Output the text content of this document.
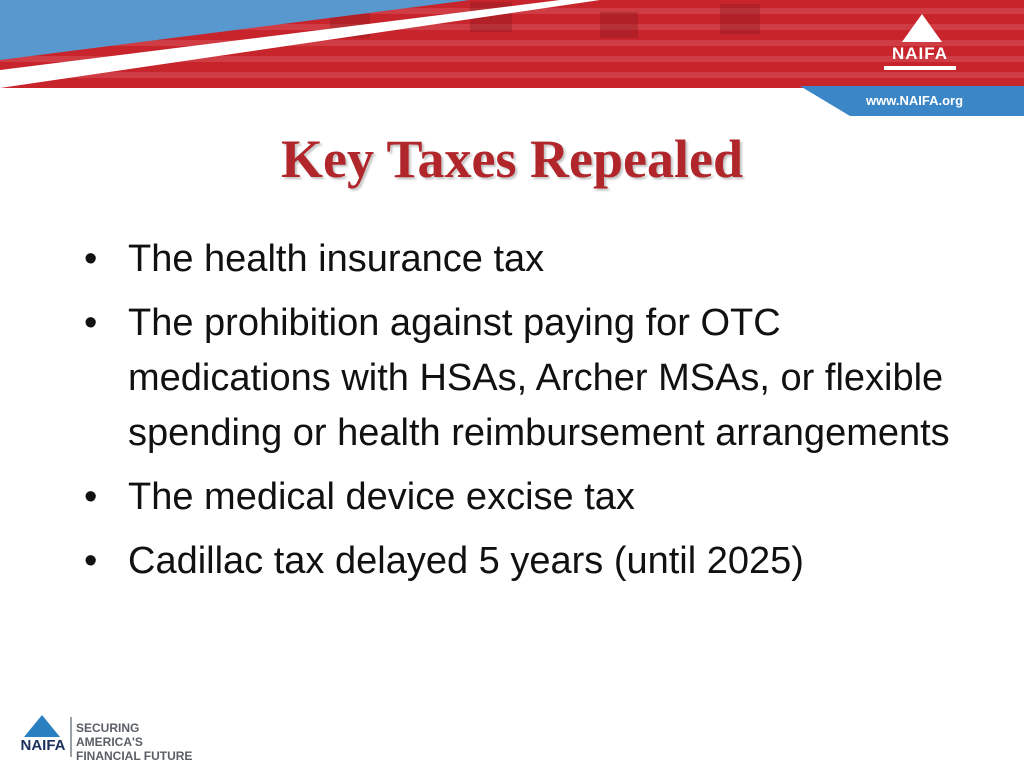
NAIFA
www.NAIFA.org
Key Taxes Repealed
• The health insurance tax
• The prohibition against paying for OTC medications with HSAs, Archer MSAs, or flexible spending or health reimbursement arrangements
• The medical device excise tax
• Cadillac tax delayed 5 years (until 2025)
NAIFA
SECURING AMERICA'S
FINANCIAL FUTURE
